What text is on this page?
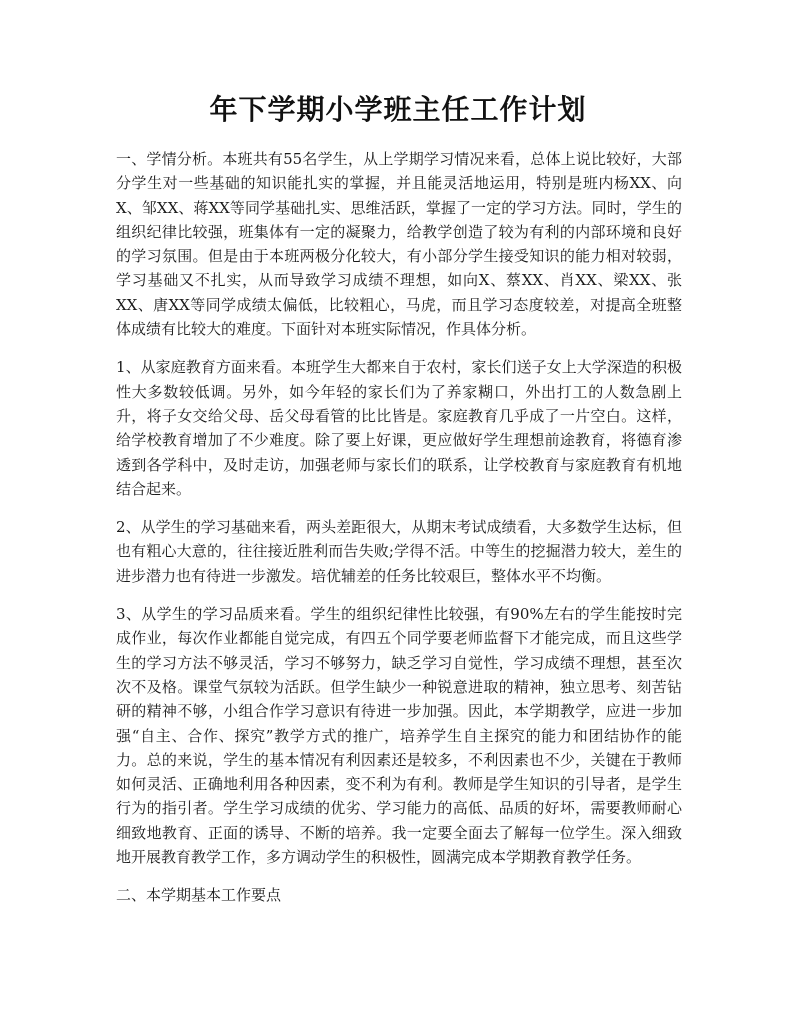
年下学期小学班主任工作计划

一、学情分析。本班共有55名学生，从上学期学习情况来看，总体上说比较好，大部分学生对一些基础的知识能扎实的掌握，并且能灵活地运用，特别是班内杨XX、向X、邹XX、蒋XX等同学基础扎实、思维活跃，掌握了一定的学习方法。同时，学生的组织纪律比较强，班集体有一定的凝聚力，给教学创造了较为有利的内部环境和良好的学习氛围。但是由于本班两极分化较大，有小部分学生接受知识的能力相对较弱，学习基础又不扎实，从而导致学习成绩不理想，如向X、蔡XX、肖XX、梁XX、张XX、唐XX等同学成绩太偏低，比较粗心，马虎，而且学习态度较差，对提高全班整体成绩有比较大的难度。下面针对本班实际情况，作具体分析。

1、从家庭教育方面来看。本班学生大都来自于农村，家长们送子女上大学深造的积极性大多数较低调。另外，如今年轻的家长们为了养家糊口，外出打工的人数急剧上升，将子女交给父母、岳父母看管的比比皆是。家庭教育几乎成了一片空白。这样，给学校教育增加了不少难度。除了要上好课，更应做好学生理想前途教育，将德育渗透到各学科中，及时走访，加强老师与家长们的联系，让学校教育与家庭教育有机地结合起来。

2、从学生的学习基础来看，两头差距很大，从期末考试成绩看，大多数学生达标，但也有粗心大意的，往往接近胜利而告失败;学得不活。中等生的挖掘潜力较大，差生的进步潜力也有待进一步激发。培优辅差的任务比较艰巨，整体水平不均衡。

3、从学生的学习品质来看。学生的组织纪律性比较强，有90%左右的学生能按时完成作业，每次作业都能自觉完成，有四五个同学要老师监督下才能完成，而且这些学生的学习方法不够灵活，学习不够努力，缺乏学习自觉性，学习成绩不理想，甚至次次不及格。课堂气氛较为活跃。但学生缺少一种锐意进取的精神，独立思考、刻苦钻研的精神不够，小组合作学习意识有待进一步加强。因此，本学期教学，应进一步加强“自主、合作、探究”教学方式的推广，培养学生自主探究的能力和团结协作的能力。总的来说，学生的基本情况有利因素还是较多，不利因素也不少，关键在于教师如何灵活、正确地利用各种因素，变不利为有利。教师是学生知识的引导者，是学生行为的指引者。学生学习成绩的优劣、学习能力的高低、品质的好坏，需要教师耐心细致地教育、正面的诱导、不断的培养。我一定要全面去了解每一位学生。深入细致地开展教育教学工作，多方调动学生的积极性，圆满完成本学期教育教学任务。

二、本学期基本工作要点
